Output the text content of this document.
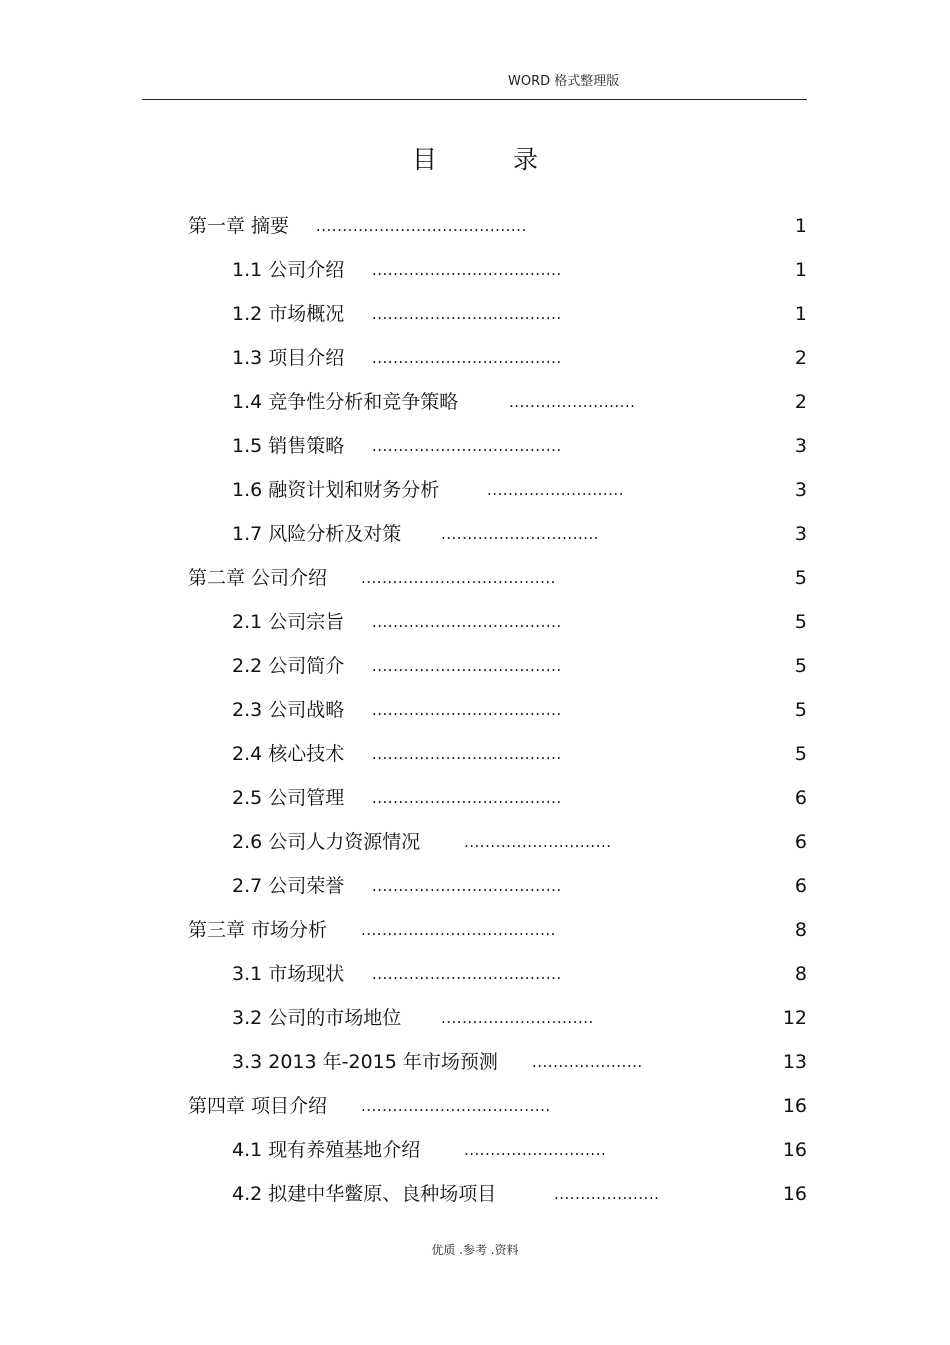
WORD 格式整理版
目 录
第一章 摘要 ........................................	1
1.1 公司介绍 ....................................	1
1.2 市场概况 ....................................	1
1.3 项目介绍 ....................................	2
1.4 竞争性分析和竞争策略	........................	2
1.5 销售策略 ....................................	3
1.6 融资计划和财务分析	..........................	3
1.7 风险分析及对策	..............................	3
第二章 公司介绍 .....................................	5
2.1 公司宗旨 ....................................	5
2.2 公司简介 ....................................	5
2.3 公司战略 ....................................	5
2.4 核心技术 ....................................	5
2.5 公司管理 ....................................	6
2.6 公司人力资源情况	............................	6
2.7 公司荣誉 ....................................	6
第三章 市场分析 .....................................	8
3.1 市场现状 ....................................	8
3.2 公司的市场地位	.............................	12
3.3 2013 年-2015 年市场预测 .....................	13
第四章 项目介绍 ....................................	16
4.1 现有养殖基地介绍	...........................	16
4.2 拟建中华鳖原、良种场项目	....................	16
优质 .参考 .资料
